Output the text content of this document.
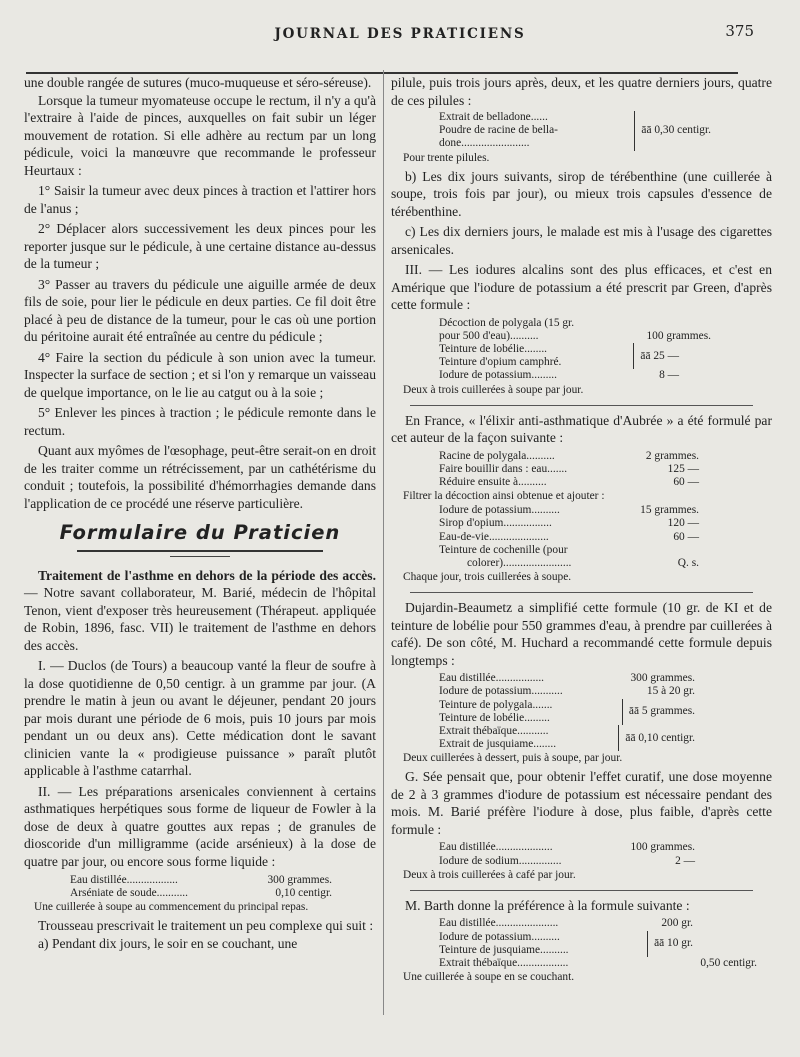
JOURNAL DES PRATICIENS	375

une double rangée de sutures (muco-muqueuse et séro-séreuse).

Lorsque la tumeur myomateuse occupe le rectum, il n'y a qu'à l'extraire à l'aide de pinces, auxquelles on fait subir un léger mouvement de rotation. Si elle adhère au rectum par un long pédicule, voici la manœuvre que recommande le professeur Heurtaux :

1° Saisir la tumeur avec deux pinces à traction et l'attirer hors de l'anus ;

2° Déplacer alors successivement les deux pinces pour les reporter jusque sur le pédicule, à une certaine distance au-dessus de la tumeur ;

3° Passer au travers du pédicule une aiguille armée de deux fils de soie, pour lier le pédicule en deux parties. Ce fil doit être placé à peu de distance de la tumeur, pour le cas où une portion du péritoine aurait été entraînée au centre du pédicule ;

4° Faire la section du pédicule à son union avec la tumeur. Inspecter la surface de section ; et si l'on y remarque un vaisseau de quelque importance, on le lie au catgut ou à la soie ;

5° Enlever les pinces à traction ; le pédicule remonte dans le rectum.

Quant aux myômes de l'œsophage, peut-être serait-on en droit de les traiter comme un rétrécissement, par un cathétérisme du conduit ; toutefois, la possibilité d'hémorrhagies demande dans l'application de ce procédé une réserve particulière.

Formulaire du Praticien

Traitement de l'asthme en dehors de la période des accès. — Notre savant collaborateur, M. Barié, médecin de l'hôpital Tenon, vient d'exposer très heureusement (Thérapeut. appliquée de Robin, 1896, fasc. VII) le traitement de l'asthme en dehors des accès.

I. — Duclos (de Tours) a beaucoup vanté la fleur de soufre à la dose quotidienne de 0,50 centigr. à un gramme par jour. (A prendre le matin à jeun ou avant le déjeuner, pendant 20 jours par mois durant une période de 6 mois, puis 10 jours par mois pendant un ou deux ans). Cette médication dont le savant clinicien vante la « prodigieuse puissance » paraît plutôt applicable à l'asthme catarrhal.

II. — Les préparations arsenicales conviennent à certains asthmatiques herpétiques sous forme de liqueur de Fowler à la dose de deux à quatre gouttes aux repas ; de granules de dioscoride d'un milligramme (acide arsénieux) à la dose de quatre par jour, ou encore sous forme liquide :

Eau distillée..................	300 grammes.
Arséniate de soude...........	0,10 centigr.
Une cuillerée à soupe au commencement du principal repas.

Trousseau prescrivait le traitement un peu complexe qui suit :

a) Pendant dix jours, le soir en se couchant, une

pilule, puis trois jours après, deux, et les quatre derniers jours, quatre de ces pilules :

Extrait de belladone......
Poudre de racine de bella-
done........................
āā 0,30 centigr.
Pour trente pilules.

b) Les dix jours suivants, sirop de térébenthine (une cuillerée à soupe, trois fois par jour), ou mieux trois capsules d'essence de térébenthine.

c) Les dix derniers jours, le malade est mis à l'usage des cigarettes arsenicales.

III. — Les iodures alcalins sont des plus efficaces, et c'est en Amérique que l'iodure de potassium a été prescrit par Green, d'après cette formule :

Décoction de polygala (15 gr.
pour 500 d'eau)..........	100 grammes.
Teinture de lobélie........
Teinture d'opium camphré.
āā 25 —
Iodure de potassium.........	8 —
Deux à trois cuillerées à soupe par jour.

En France, « l'élixir anti-asthmatique d'Aubrée » a été formulé par cet auteur de la façon suivante :

Racine de polygala..........	2 grammes.
Faire bouillir dans : eau.......	125 —
Réduire ensuite à..........	60 —
Filtrer la décoction ainsi obtenue et ajouter :
Iodure de potassium..........	15 grammes.
Sirop d'opium.................	120 —
Eau-de-vie.....................	60 —
Teinture de cochenille (pour
colorer)........................	Q. s.
Chaque jour, trois cuillerées à soupe.

Dujardin-Beaumetz a simplifié cette formule (10 gr. de KI et de teinture de lobélie pour 550 grammes d'eau, à prendre par cuillerées à café). De son côté, M. Huchard a recommandé cette formule depuis longtemps :

Eau distillée.................	300 grammes.
Iodure de potassium...........	15 à 20 gr.
Teinture de polygala.......
Teinture de lobélie.........
āā 5 grammes.
Extrait thébaïque...........
Extrait de jusquiame........
āā 0,10 centigr.
Deux cuillerées à dessert, puis à soupe, par jour.

G. Sée pensait que, pour obtenir l'effet curatif, une dose moyenne de 2 à 3 grammes d'iodure de potassium est nécessaire pendant des mois. M. Barié préfère l'iodure à dose, plus faible, d'après cette formule :

Eau distillée....................	100 grammes.
Iodure de sodium...............	2 —
Deux à trois cuillerées à café par jour.

M. Barth donne la préférence à la formule suivante :

Eau distillée......................	200 gr.
Iodure de potassium..........
Teinture de jusquiame..........
āā 10 gr.
Extrait thébaïque..................	0,50 centigr.
Une cuillerée à soupe en se couchant.
